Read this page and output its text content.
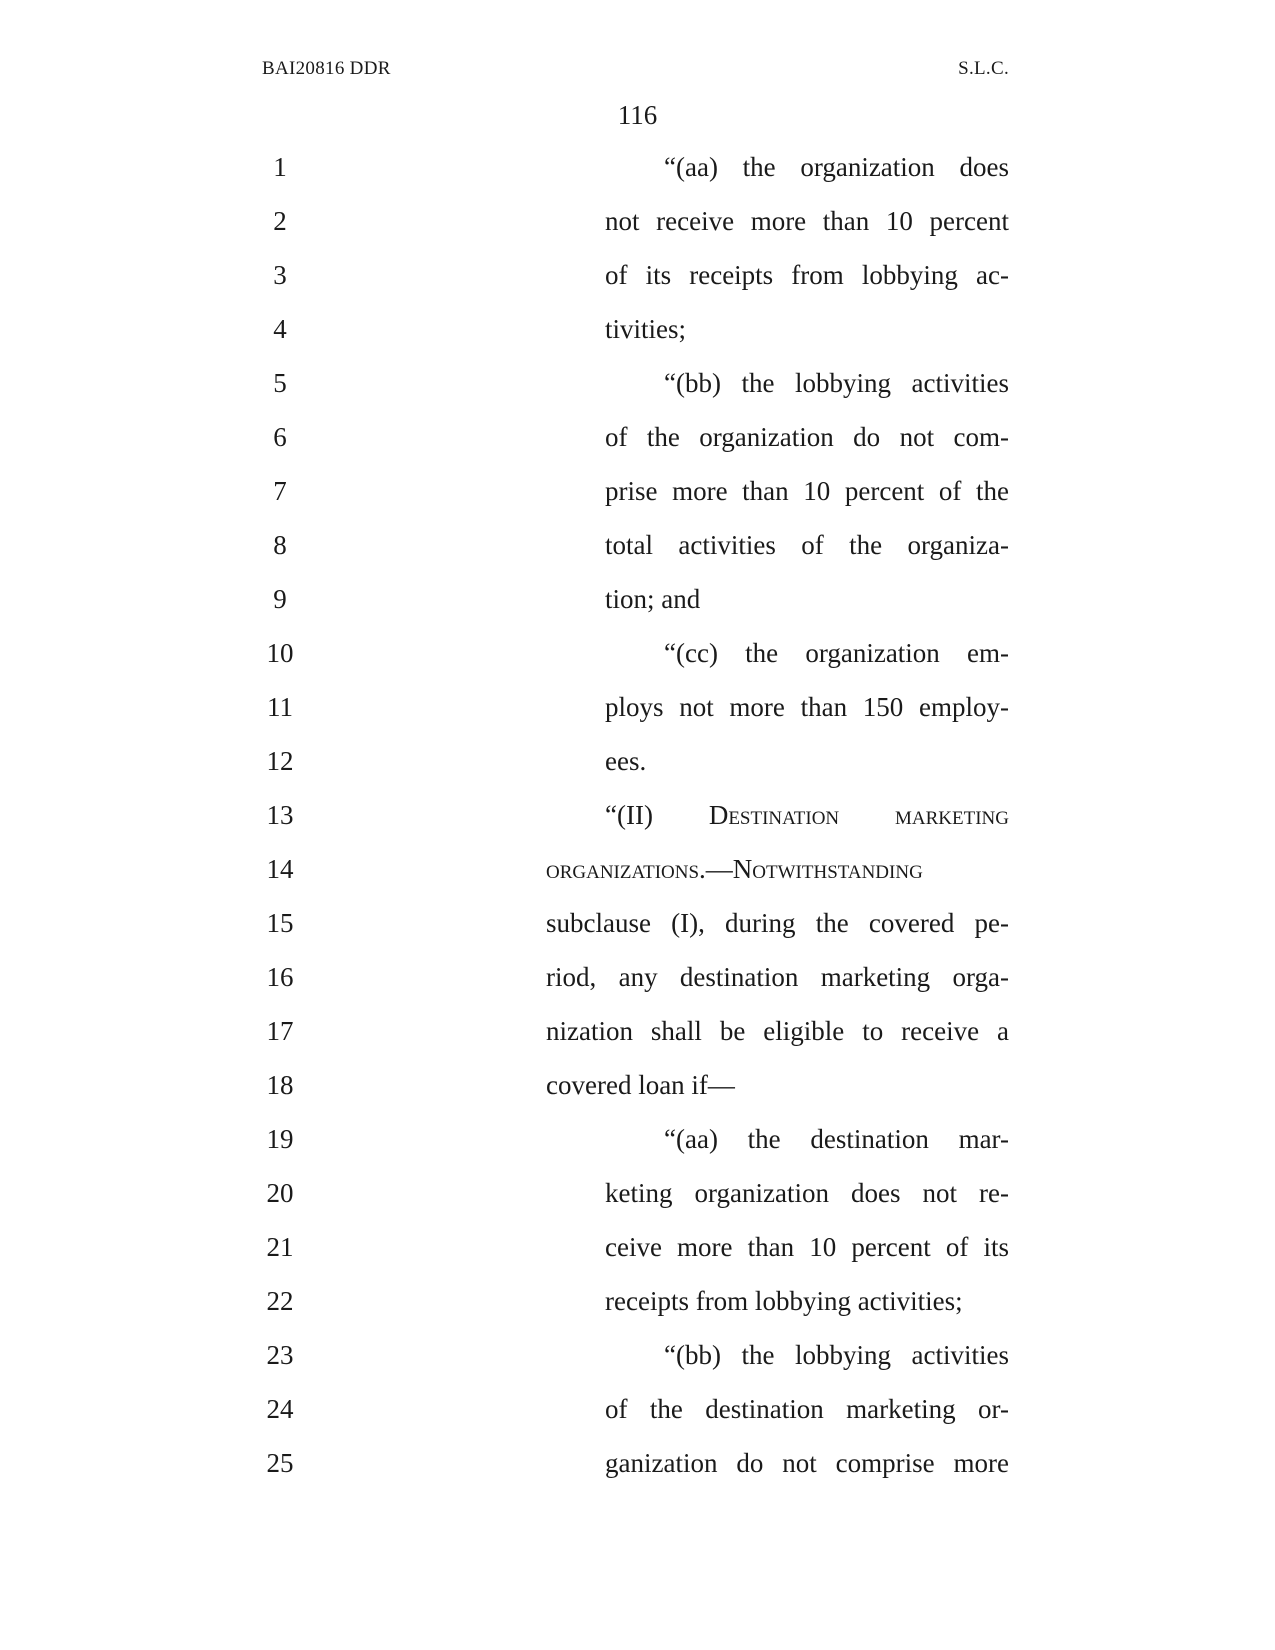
BAI20816 DDR	S.L.C.
116
1	“(aa) the organization does
2	not receive more than 10 percent
3	of its receipts from lobbying ac-
4	tivities;
5	“(bb) the lobbying activities
6	of the organization do not com-
7	prise more than 10 percent of the
8	total activities of the organiza-
9	tion; and
10	“(cc) the organization em-
11	ploys not more than 150 employ-
12	ees.
13	“(II) Destination marketing
14	organizations.—Notwithstanding
15	subclause (I), during the covered pe-
16	riod, any destination marketing orga-
17	nization shall be eligible to receive a
18	covered loan if—
19	“(aa) the destination mar-
20	keting organization does not re-
21	ceive more than 10 percent of its
22	receipts from lobbying activities;
23	“(bb) the lobbying activities
24	of the destination marketing or-
25	ganization do not comprise more
